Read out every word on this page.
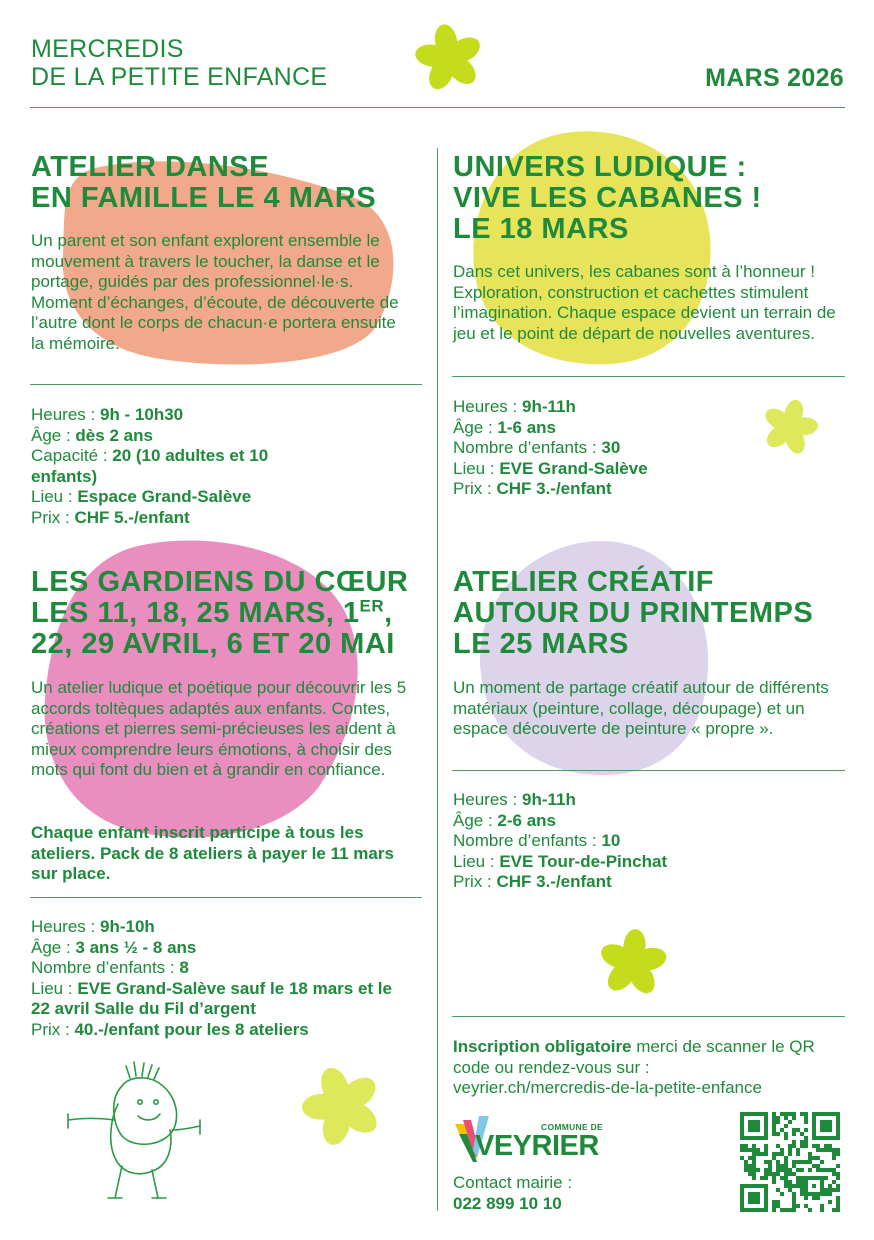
MERCREDIS
DE LA PETITE ENFANCE	MARS 2026
ATELIER DANSE
EN FAMILLE LE 4 MARS
Un parent et son enfant explorent ensemble le mouvement à travers le toucher, la danse et le portage, guidés par des professionnel·le·s. Moment d’échanges, d’écoute, de découverte de l’autre dont le corps de chacun·e portera ensuite la mémoire.
Heures : 9h - 10h30
Âge : dès 2 ans
Capacité : 20 (10 adultes et 10 enfants)
Lieu : Espace Grand-Salève
Prix : CHF 5.-/enfant
UNIVERS LUDIQUE :
VIVE LES CABANES !
LE 18 MARS
Dans cet univers, les cabanes sont à l’honneur ! Exploration, construction et cachettes stimulent l’imagination. Chaque espace devient un terrain de jeu et le point de départ de nouvelles aventures.
Heures : 9h-11h
Âge : 1-6 ans
Nombre d’enfants : 30
Lieu : EVE Grand-Salève
Prix : CHF 3.-/enfant
LES GARDIENS DU CŒUR
LES 11, 18, 25 MARS, 1ER,
22, 29 AVRIL, 6 ET 20 MAI
Un atelier ludique et poétique pour découvrir les 5 accords toltèques adaptés aux enfants. Contes, créations et pierres semi-précieuses les aident à mieux comprendre leurs émotions, à choisir des mots qui font du bien et à grandir en confiance.
Chaque enfant inscrit participe à tous les ateliers. Pack de 8 ateliers à payer le 11 mars sur place.
Heures : 9h-10h
Âge : 3 ans ½ - 8 ans
Nombre d’enfants : 8
Lieu : EVE Grand-Salève sauf le 18 mars et le 22 avril Salle du Fil d’argent
Prix : 40.-/enfant pour les 8 ateliers
ATELIER CRÉATIF
AUTOUR DU PRINTEMPS
LE 25 MARS
Un moment de partage créatif autour de différents matériaux (peinture, collage, découpage) et un espace découverte de peinture « propre ».
Heures : 9h-11h
Âge : 2-6 ans
Nombre d’enfants : 10
Lieu : EVE Tour-de-Pinchat
Prix : CHF 3.-/enfant
Inscription obligatoire merci de scanner le QR code ou rendez-vous sur :
veyrier.ch/mercredis-de-la-petite-enfance
COMMUNE DE
VEYRIER
Contact mairie :
022 899 10 10
